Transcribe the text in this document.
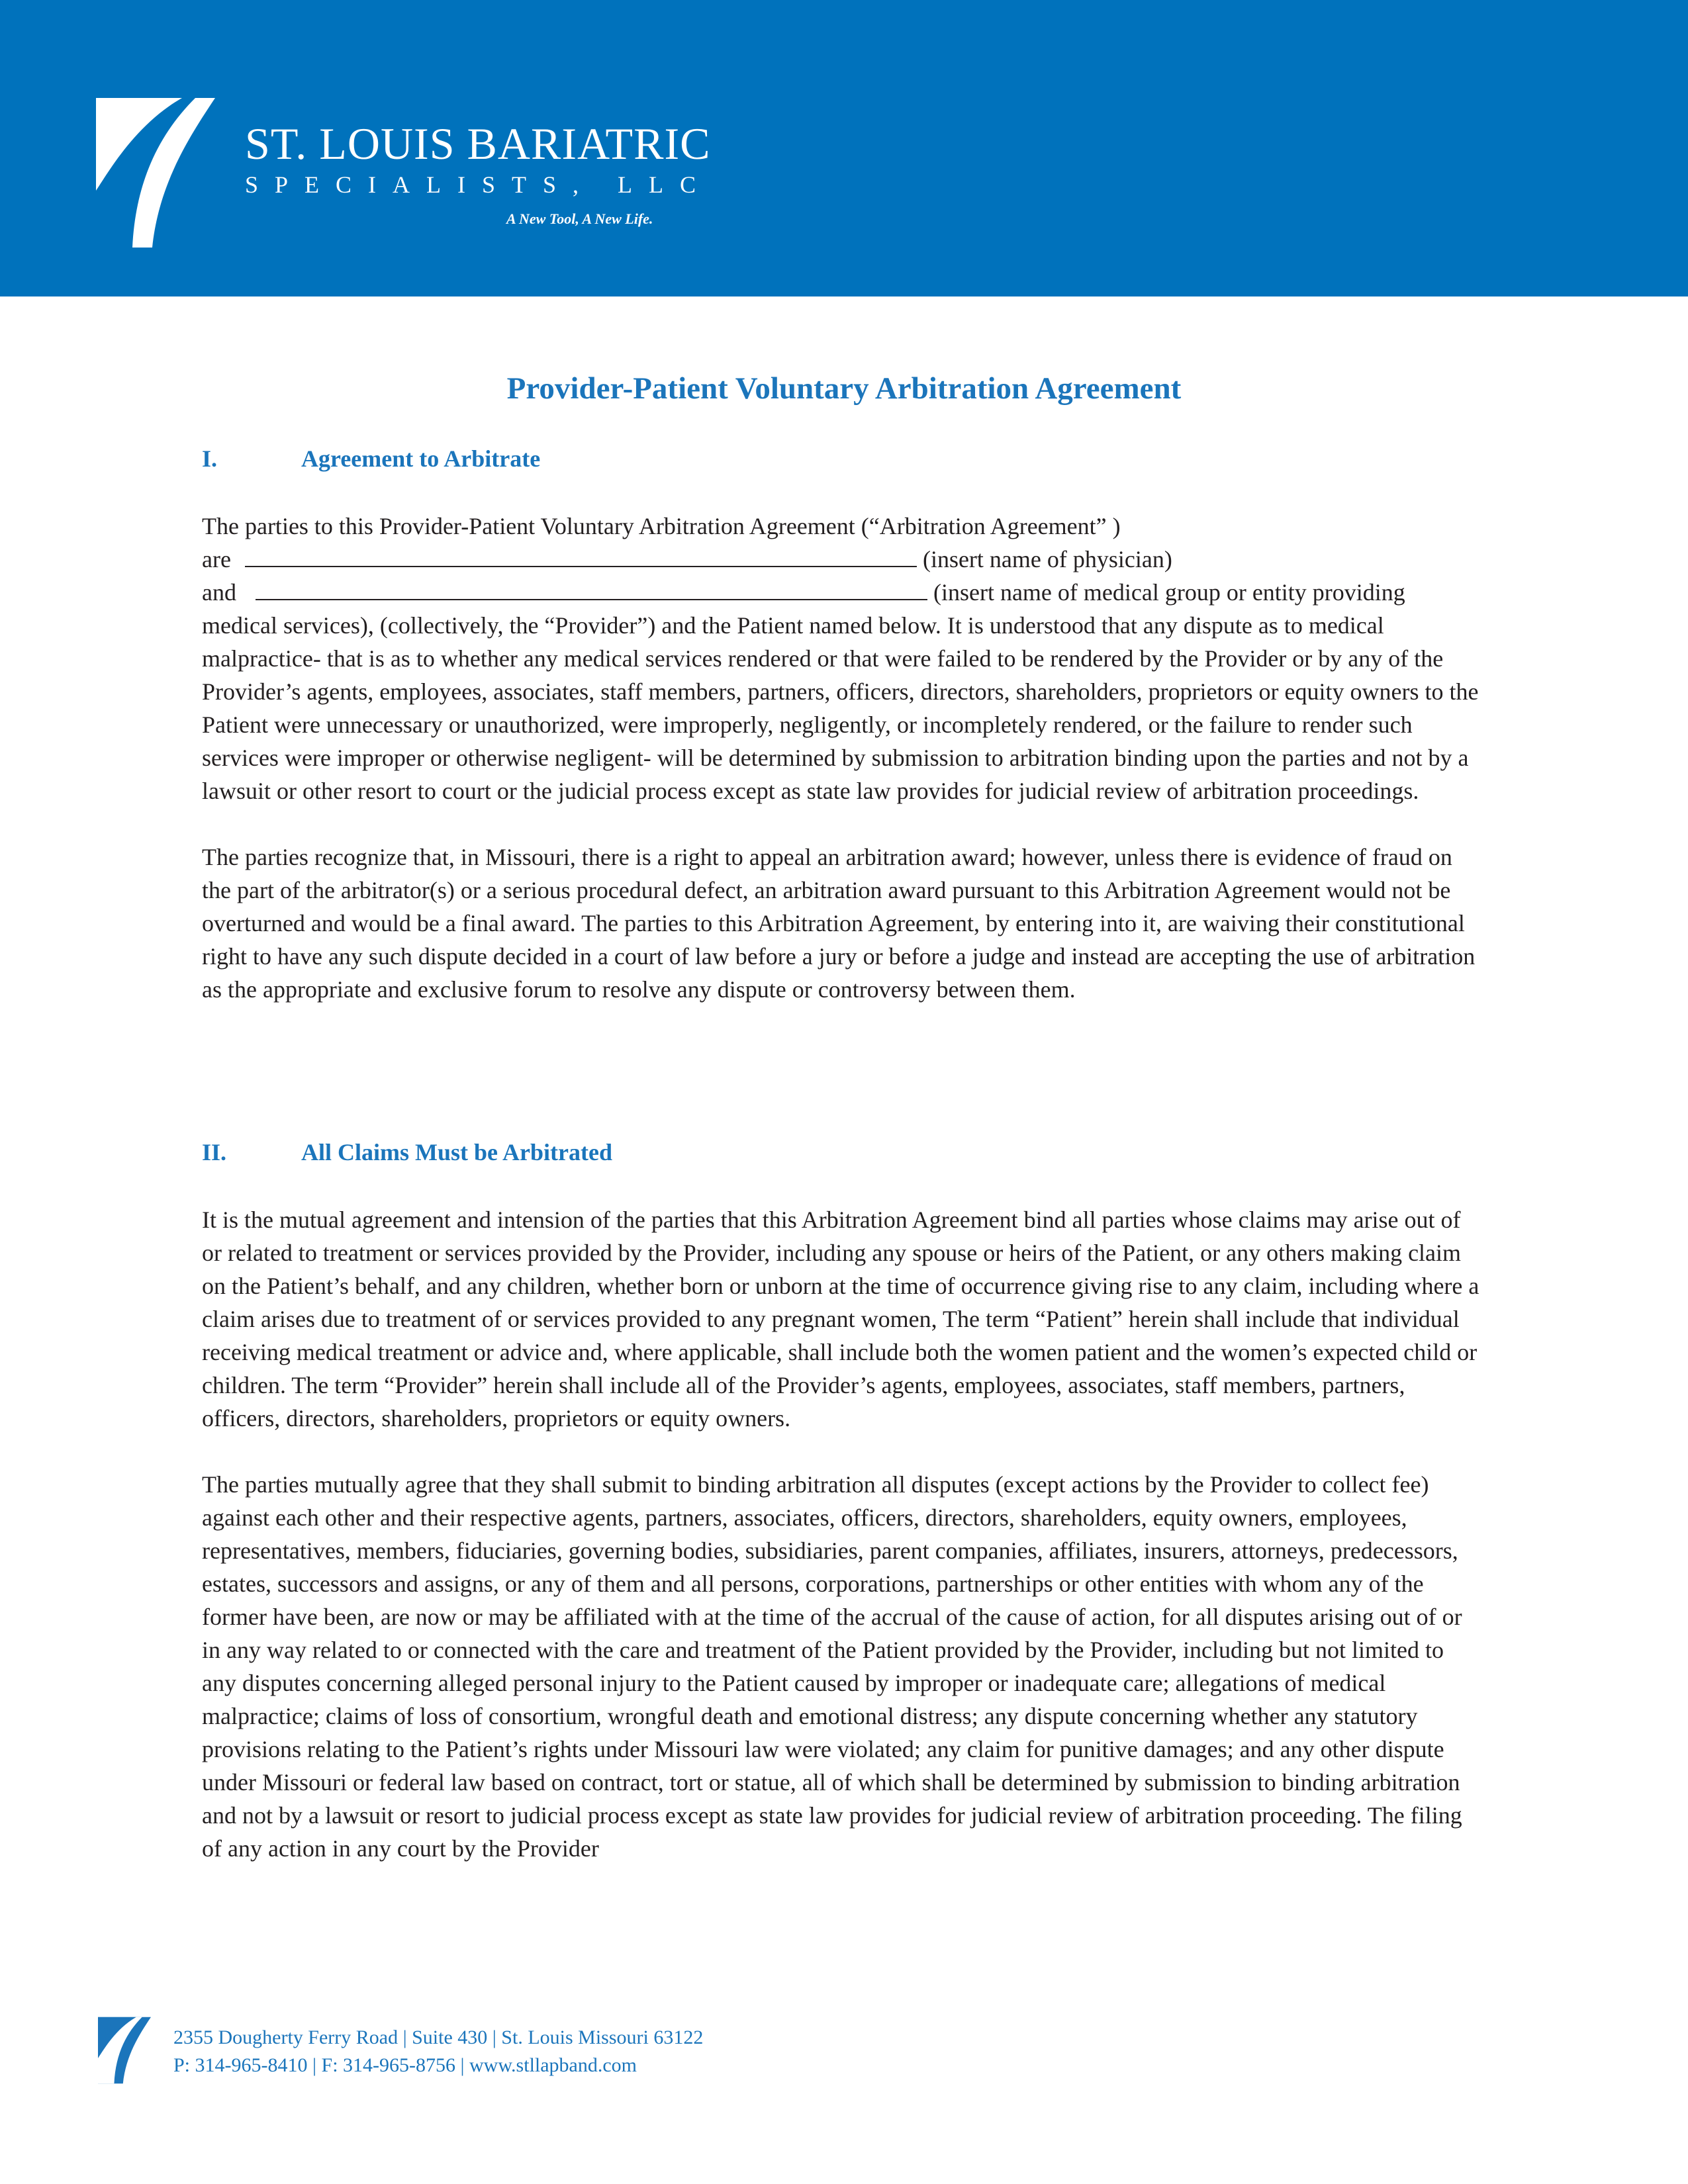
ST. LOUIS BARIATRIC
SPECIALISTS, LLC
A New Tool, A New Life.
Provider-Patient Voluntary Arbitration Agreement
I.	Agreement to Arbitrate
The parties to this Provider-Patient Voluntary Arbitration Agreement (“Arbitration Agreement” )
are	(insert name of physician)
and	(insert name of medical group or entity providing

medical services), (collectively, the “Provider”) and the Patient named below. It is understood that any dispute as to medical malpractice- that is as to whether any medical services rendered or that were failed to be rendered by the Provider or by any of the Provider’s agents, employees, associates, staff members, partners, officers, directors, shareholders, proprietors or equity owners to the Patient were unnecessary or unauthorized, were improperly, negligently, or incompletely rendered, or the failure to render such services were improper or otherwise negligent- will be determined by submission to arbitration binding upon the parties and not by a lawsuit or other resort to court or the judicial process except as state law provides for judicial review of arbitration proceedings.

The parties recognize that, in Missouri, there is a right to appeal an arbitration award; however, unless there is evidence of fraud on the part of the arbitrator(s) or a serious procedural defect, an arbitration award pursuant to this Arbitration Agreement would not be overturned and would be a final award. The parties to this Arbitration Agreement, by entering into it, are waiving their constitutional right to have any such dispute decided in a court of law before a jury or before a judge and instead are accepting the use of arbitration as the appropriate and exclusive forum to resolve any dispute or controversy between them.

II.	All Claims Must be Arbitrated

It is the mutual agreement and intension of the parties that this Arbitration Agreement bind all parties whose claims may arise out of or related to treatment or services provided by the Provider, including any spouse or heirs of the Patient, or any others making claim on the Patient’s behalf, and any children, whether born or unborn at the time of occurrence giving rise to any claim, including where a claim arises due to treatment of or services provided to any pregnant women, The term “Patient” herein shall include that individual receiving medical treatment or advice and, where applicable, shall include both the women patient and the women’s expected child or children. The term “Provider” herein shall include all of the Provider’s agents, employees, associates, staff members, partners, officers, directors, shareholders, proprietors or equity owners.

The parties mutually agree that they shall submit to binding arbitration all disputes (except actions by the Provider to collect fee) against each other and their respective agents, partners, associates, officers, directors, shareholders, equity owners, employees, representatives, members, fiduciaries, governing bodies, subsidiaries, parent companies, affiliates, insurers, attorneys, predecessors, estates, successors and assigns, or any of them and all persons, corporations, partnerships or other entities with whom any of the former have been, are now or may be affiliated with at the time of the accrual of the cause of action, for all disputes arising out of or in any way related to or connected with the care and treatment of the Patient provided by the Provider, including but not limited to any disputes concerning alleged personal injury to the Patient caused by improper or inadequate care; allegations of medical malpractice; claims of loss of consortium, wrongful death and emotional distress; any dispute concerning whether any statutory provisions relating to the Patient’s rights under Missouri law were violated; any claim for punitive damages; and any other dispute under Missouri or federal law based on contract, tort or statue, all of which shall be determined by submission to binding arbitration and not by a lawsuit or resort to judicial process except as state law provides for judicial review of arbitration proceeding. The filing of any action in any court by the Provider

2355 Dougherty Ferry Road | Suite 430 | St. Louis Missouri 63122
P: 314-965-8410 | F: 314-965-8756 | www.stllapband.com
